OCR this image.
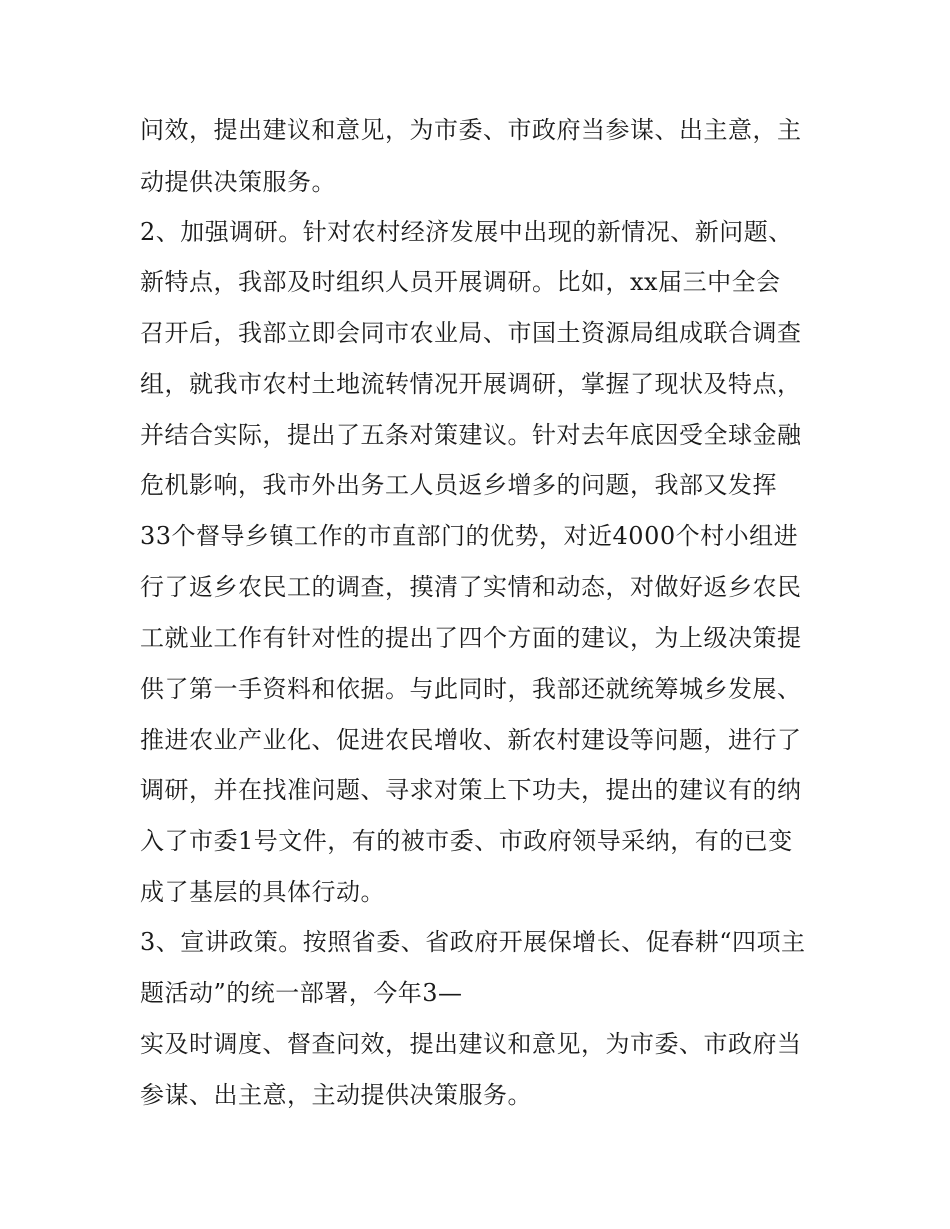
问效，提出建议和意见，为市委、市政府当参谋、出主意，主
动提供决策服务。
2、加强调研。针对农村经济发展中出现的新情况、新问题、
新特点，我部及时组织人员开展调研。比如，xx届三中全会
召开后，我部立即会同市农业局、市国土资源局组成联合调查
组，就我市农村土地流转情况开展调研，掌握了现状及特点，
并结合实际，提出了五条对策建议。针对去年底因受全球金融
危机影响，我市外出务工人员返乡增多的问题，我部又发挥
33个督导乡镇工作的市直部门的优势，对近4000个村小组进
行了返乡农民工的调查，摸清了实情和动态，对做好返乡农民
工就业工作有针对性的提出了四个方面的建议，为上级决策提
供了第一手资料和依据。与此同时，我部还就统筹城乡发展、
推进农业产业化、促进农民增收、新农村建设等问题，进行了
调研，并在找准问题、寻求对策上下功夫，提出的建议有的纳
入了市委1号文件，有的被市委、市政府领导采纳，有的已变
成了基层的具体行动。
3、宣讲政策。按照省委、省政府开展保增长、促春耕“四项主
题活动”的统一部署，今年3—
实及时调度、督查问效，提出建议和意见，为市委、市政府当
参谋、出主意，主动提供决策服务。
